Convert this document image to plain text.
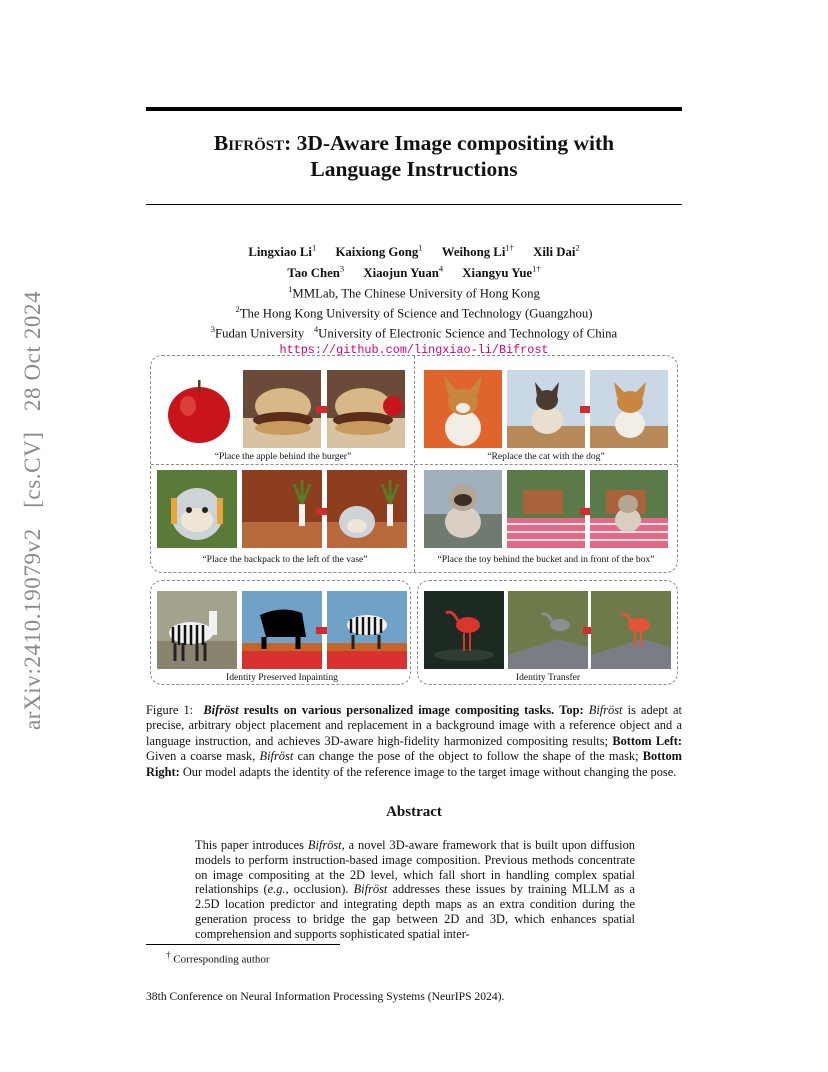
arXiv:2410.19079v2 [cs.CV] 28 Oct 2024
Bifröst: 3D-Aware Image compositing with
Language Instructions
Lingxiao Li$^1$ Kaixiong Gong$^1$ Weihong $Li^{1\dagger}$ Xili Dai$^2$
Tao Chen$^3$ Xiaojun Yuan$^4$ Xiangyu Yue$^{1\dagger}$
$^1$MMLab, The Chinese University of Hong Kong
$^2$The Hong Kong University of Science and Technology (Guangzhou)
$^3$Fudan University $^4$University of Electronic Science and Technology of China
https://github.com/lingxiao-li/Bifrost
“Place the apple behind the burger”	“Replace the cat with the dog”
“Place the backpack to the left of the vase”	“Place the toy behind the bucket and in front of the box”
Identity Preserved Inpainting	Identity Transfer
Figure 1: Bifröst results on various personalized image compositing tasks. Top: Bifröst is adept at precise, arbitrary object placement and replacement in a background image with a reference object and a language instruction, and achieves 3D-aware high-fidelity harmonized compositing results; Bottom Left: Given a coarse mask, Bifröst can change the pose of the object to follow the shape of the mask; Bottom Right: Our model adapts the identity of the reference image to the target image without changing the pose.
Abstract
This paper introduces Bifröst, a novel 3D-aware framework that is built upon diffusion models to perform instruction-based image composition. Previous methods concentrate on image compositing at the 2D level, which fall short in handling complex spatial relationships (e.g., occlusion). Bifröst addresses these issues by training MLLM as a 2.5D location predictor and integrating depth maps as an extra condition during the generation process to bridge the gap between 2D and 3D, which enhances spatial comprehension and supports sophisticated spatial inter-
† Corresponding author
38th Conference on Neural Information Processing Systems (NeurIPS 2024).
